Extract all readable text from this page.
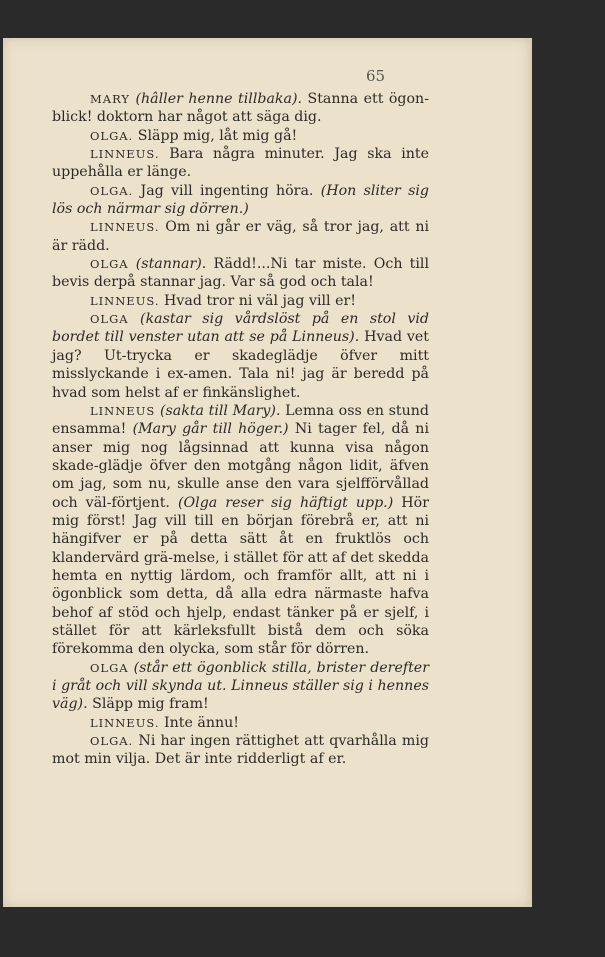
65

MARY (hâller henne tillbaka). Stanna ett ögon-blick! doktorn har något att säga dig.

OLGA. Släpp mig, låt mig gå!

LINNEUS. Bara några minuter. Jag ska inte uppehålla er länge.

OLGA. Jag vill ingenting höra. (Hon sliter sig lös och närmar sig dörren.)

LINNEUS. Om ni går er väg, så tror jag, att ni är rädd.

OLGA (stannar). Rädd!...Ni tar miste. Och till bevis derpå stannar jag. Var så god och tala!

LINNEUS. Hvad tror ni väl jag vill er!

OLGA (kastar sig vårdslöst på en stol vid bordet till venster utan att se på Linneus). Hvad vet jag? Ut-trycka er skadeglädje öfver mitt misslyckande i ex-amen. Tala ni! jag är beredd på hvad som helst af er finkänslighet.

LINNEUS (sakta till Mary). Lemna oss en stund ensamma! (Mary går till höger.) Ni tager fel, då ni anser mig nog lågsinnad att kunna visa någon skade-glädje öfver den motgång någon lidit, äfven om jag, som nu, skulle anse den vara sjelfförvållad och väl-förtjent. (Olga reser sig häftigt upp.) Hör mig först! Jag vill till en början förebrå er, att ni hängifver er på detta sätt åt en fruktlös och klandervärd grä-melse, i stället för att af det skedda hemta en nyttig lärdom, och framför allt, att ni i ögonblick som detta, då alla edra närmaste hafva behof af stöd och hjelp, endast tänker på er sjelf, i stället för att kärleksfullt bistå dem och söka förekomma den olycka, som står för dörren.

OLGA (står ett ögonblick stilla, brister derefter i gråt och vill skynda ut. Linneus ställer sig i hennes väg). Släpp mig fram!

LINNEUS. Inte ännu!

OLGA. Ni har ingen rättighet att qvarhålla mig mot min vilja. Det är inte ridderligt af er.
